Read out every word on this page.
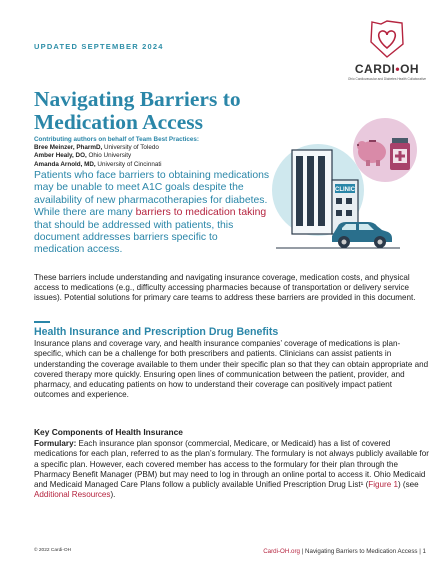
UPDATED SEPTEMBER 2024
CARDI•OH
Ohio Cardiovascular and Diabetes Health Collaborative
Navigating Barriers to
Medication Access
Contributing authors on behalf of Team Best Practices:
Bree Meinzer, PharmD, University of Toledo
Amber Healy, DO, Ohio University
Amanda Arnold, MD, University of Cincinnati

Patients who face barriers to obtaining medications may be unable to meet A1C goals despite the availability of new pharmacotherapies for diabetes. While there are many barriers to medication taking that should be addressed with patients, this document addresses barriers specific to medication access.

CLINIC

These barriers include understanding and navigating insurance coverage, medication costs, and physical access to medications (e.g., difficulty accessing pharmacies because of transportation or delivery service issues). Potential solutions for primary care teams to address these barriers are provided in this document.

Health Insurance and Prescription Drug Benefits

Insurance plans and coverage vary, and health insurance companies’ coverage of medications is plan-specific, which can be a challenge for both prescribers and patients. Clinicians can assist patients in understanding the coverage available to them under their specific plan so that they can obtain appropriate and covered therapy more quickly. Ensuring open lines of communication between the patient, provider, and pharmacy, and educating patients on how to understand their coverage can positively impact patient outcomes and experience.

Key Components of Health Insurance

Formulary: Each insurance plan sponsor (commercial, Medicare, or Medicaid) has a list of covered medications for each plan, referred to as the plan’s formulary. The formulary is not always publicly available for a specific plan. However, each covered member has access to the formulary for their plan through the Pharmacy Benefit Manager (PBM) but may need to log in through an online portal to access it. Ohio Medicaid and Medicaid Managed Care Plans follow a publicly available Unified Prescription Drug List¹ (Figure 1) (see Additional Resources).

© 2022 Cardi-OH	Cardi-OH.org | Navigating Barriers to Medication Access | 1
